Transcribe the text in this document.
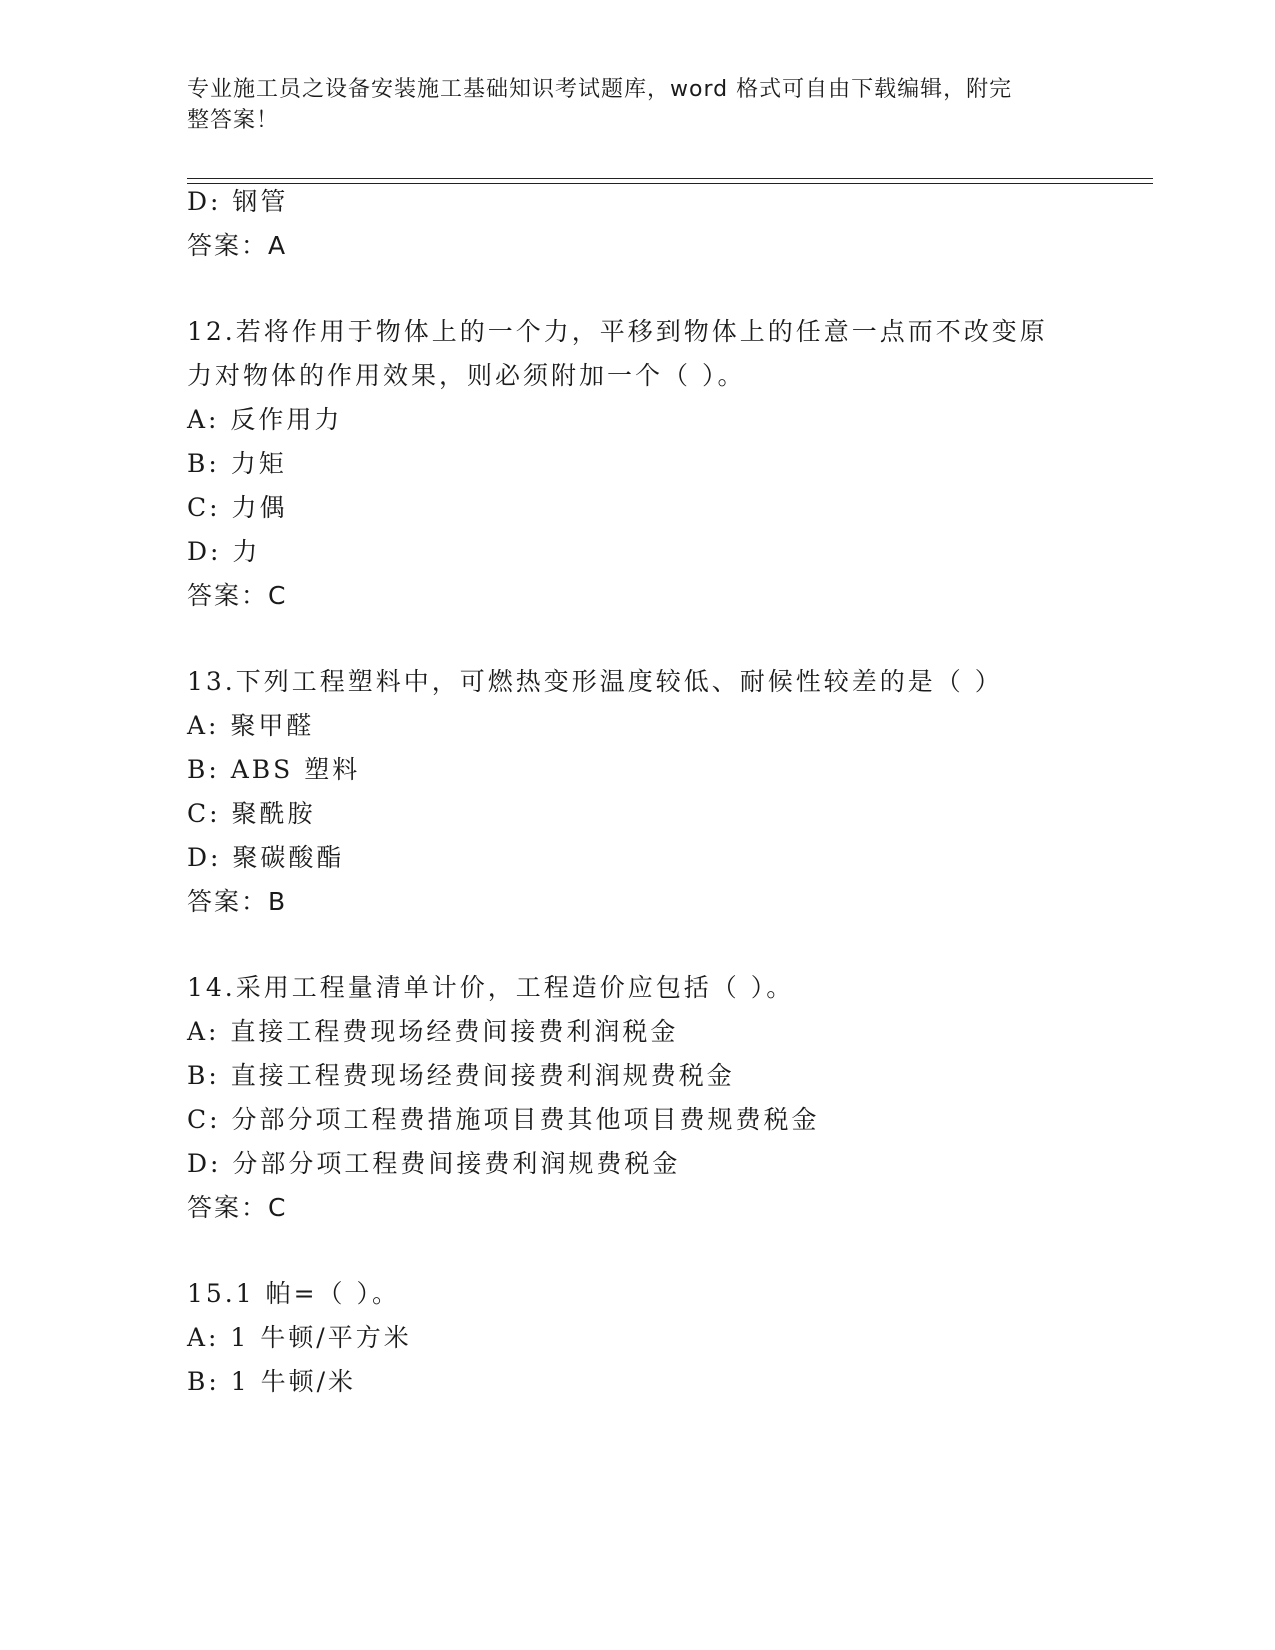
专业施工员之设备安装施工基础知识考试题库，word 格式可自由下载编辑，附完
整答案！
D: 钢管
答案：A
12.若将作用于物体上的一个力，平移到物体上的任意一点而不改变原
力对物体的作用效果，则必须附加一个（ ）。
A: 反作用力
B: 力矩
C: 力偶
D: 力
答案：C
13.下列工程塑料中，可燃热变形温度较低、耐候性较差的是（ ）
A: 聚甲醛
B: ABS 塑料
C: 聚酰胺
D: 聚碳酸酯
答案：B
14.采用工程量清单计价，工程造价应包括（ ）。
A: 直接工程费现场经费间接费利润税金
B: 直接工程费现场经费间接费利润规费税金
C: 分部分项工程费措施项目费其他项目费规费税金
D: 分部分项工程费间接费利润规费税金
答案：C
15.1 帕=（ ）。
A: 1 牛顿/平方米
B: 1 牛顿/米
